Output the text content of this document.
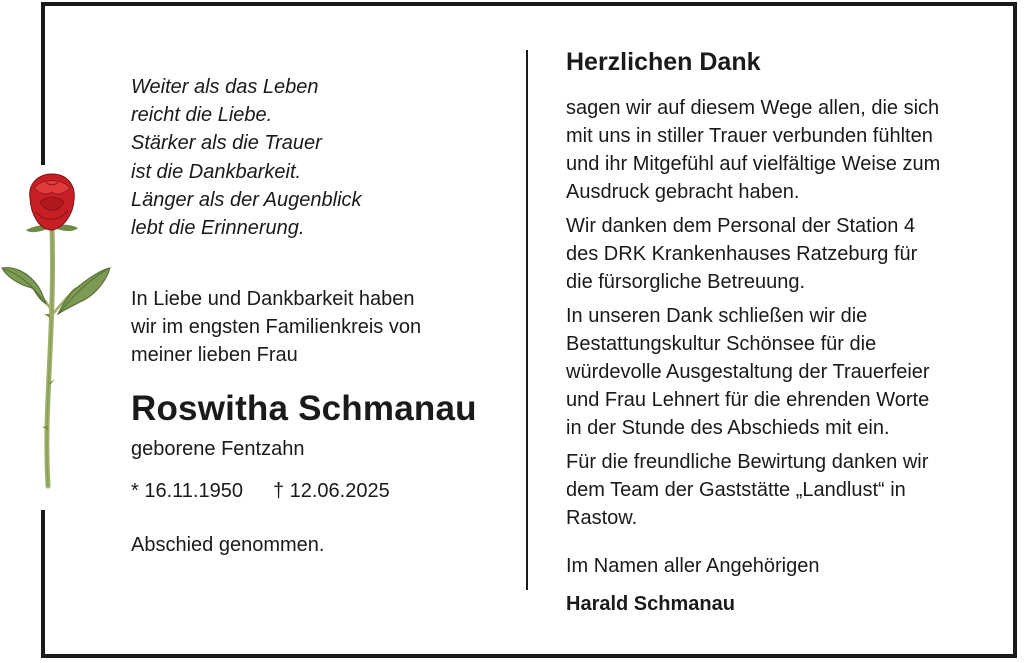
Weiter als das Leben
reicht die Liebe.
Stärker als die Trauer
ist die Dankbarkeit.
Länger als der Augenblick
lebt die Erinnerung.

In Liebe und Dankbarkeit haben
wir im engsten Familienkreis von
meiner lieben Frau

Roswitha Schmanau
geborene Fentzahn
* 16.11.1950 † 12.06.2025
Abschied genommen.
Herzlichen Dank

sagen wir auf diesem Wege allen, die sich
mit uns in stiller Trauer verbunden fühlten
und ihr Mitgefühl auf vielfältige Weise zum
Ausdruck gebracht haben.

Wir danken dem Personal der Station 4
des DRK Krankenhauses Ratzeburg für
die fürsorgliche Betreuung.

In unseren Dank schließen wir die
Bestattungskultur Schönsee für die
würdevolle Ausgestaltung der Trauerfeier
und Frau Lehnert für die ehrenden Worte
in der Stunde des Abschieds mit ein.

Für die freundliche Bewirtung danken wir
dem Team der Gaststätte „Landlust“ in
Rastow.

Im Namen aller Angehörigen
Harald Schmanau
